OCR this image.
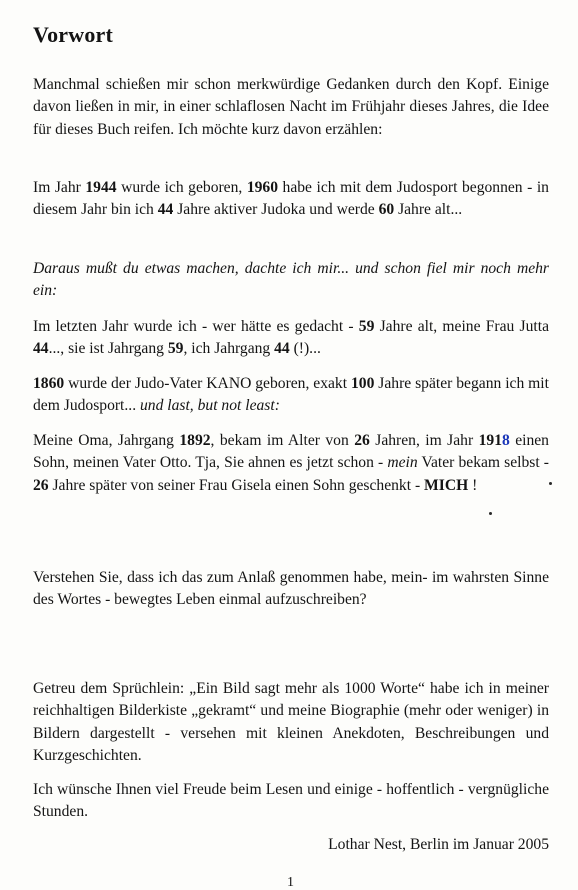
Vorwort

Manchmal schießen mir schon merkwürdige Gedanken durch den Kopf. Einige davon ließen in mir, in einer schlaflosen Nacht im Frühjahr dieses Jahres, die Idee für dieses Buch reifen. Ich möchte kurz davon erzählen:

Im Jahr 1944 wurde ich geboren, 1960 habe ich mit dem Judosport begonnen - in diesem Jahr bin ich 44 Jahre aktiver Judoka und werde 60 Jahre alt...

Daraus mußt du etwas machen, dachte ich mir... und schon fiel mir noch mehr ein:

Im letzten Jahr wurde ich - wer hätte es gedacht - 59 Jahre alt, meine Frau Jutta 44..., sie ist Jahrgang 59, ich Jahrgang 44 (!)...

1860 wurde der Judo-Vater KANO geboren, exakt 100 Jahre später begann ich mit dem Judosport... und last, but not least:

Meine Oma, Jahrgang 1892, bekam im Alter von 26 Jahren, im Jahr 1918 einen Sohn, meinen Vater Otto. Tja, Sie ahnen es jetzt schon - mein Vater bekam selbst - 26 Jahre später von seiner Frau Gisela einen Sohn geschenkt - MICH !

Verstehen Sie, dass ich das zum Anlaß genommen habe, mein- im wahrsten Sinne des Wortes - bewegtes Leben einmal aufzuschreiben?

Getreu dem Sprüchlein: „Ein Bild sagt mehr als 1000 Worte“ habe ich in meiner reichhaltigen Bilderkiste „gekramt“ und meine Biographie (mehr oder weniger) in Bildern dargestellt - versehen mit kleinen Anekdoten, Beschreibungen und Kurzgeschichten.

Ich wünsche Ihnen viel Freude beim Lesen und einige - hoffentlich - vergnügliche Stunden.

Lothar Nest, Berlin im Januar 2005
1
